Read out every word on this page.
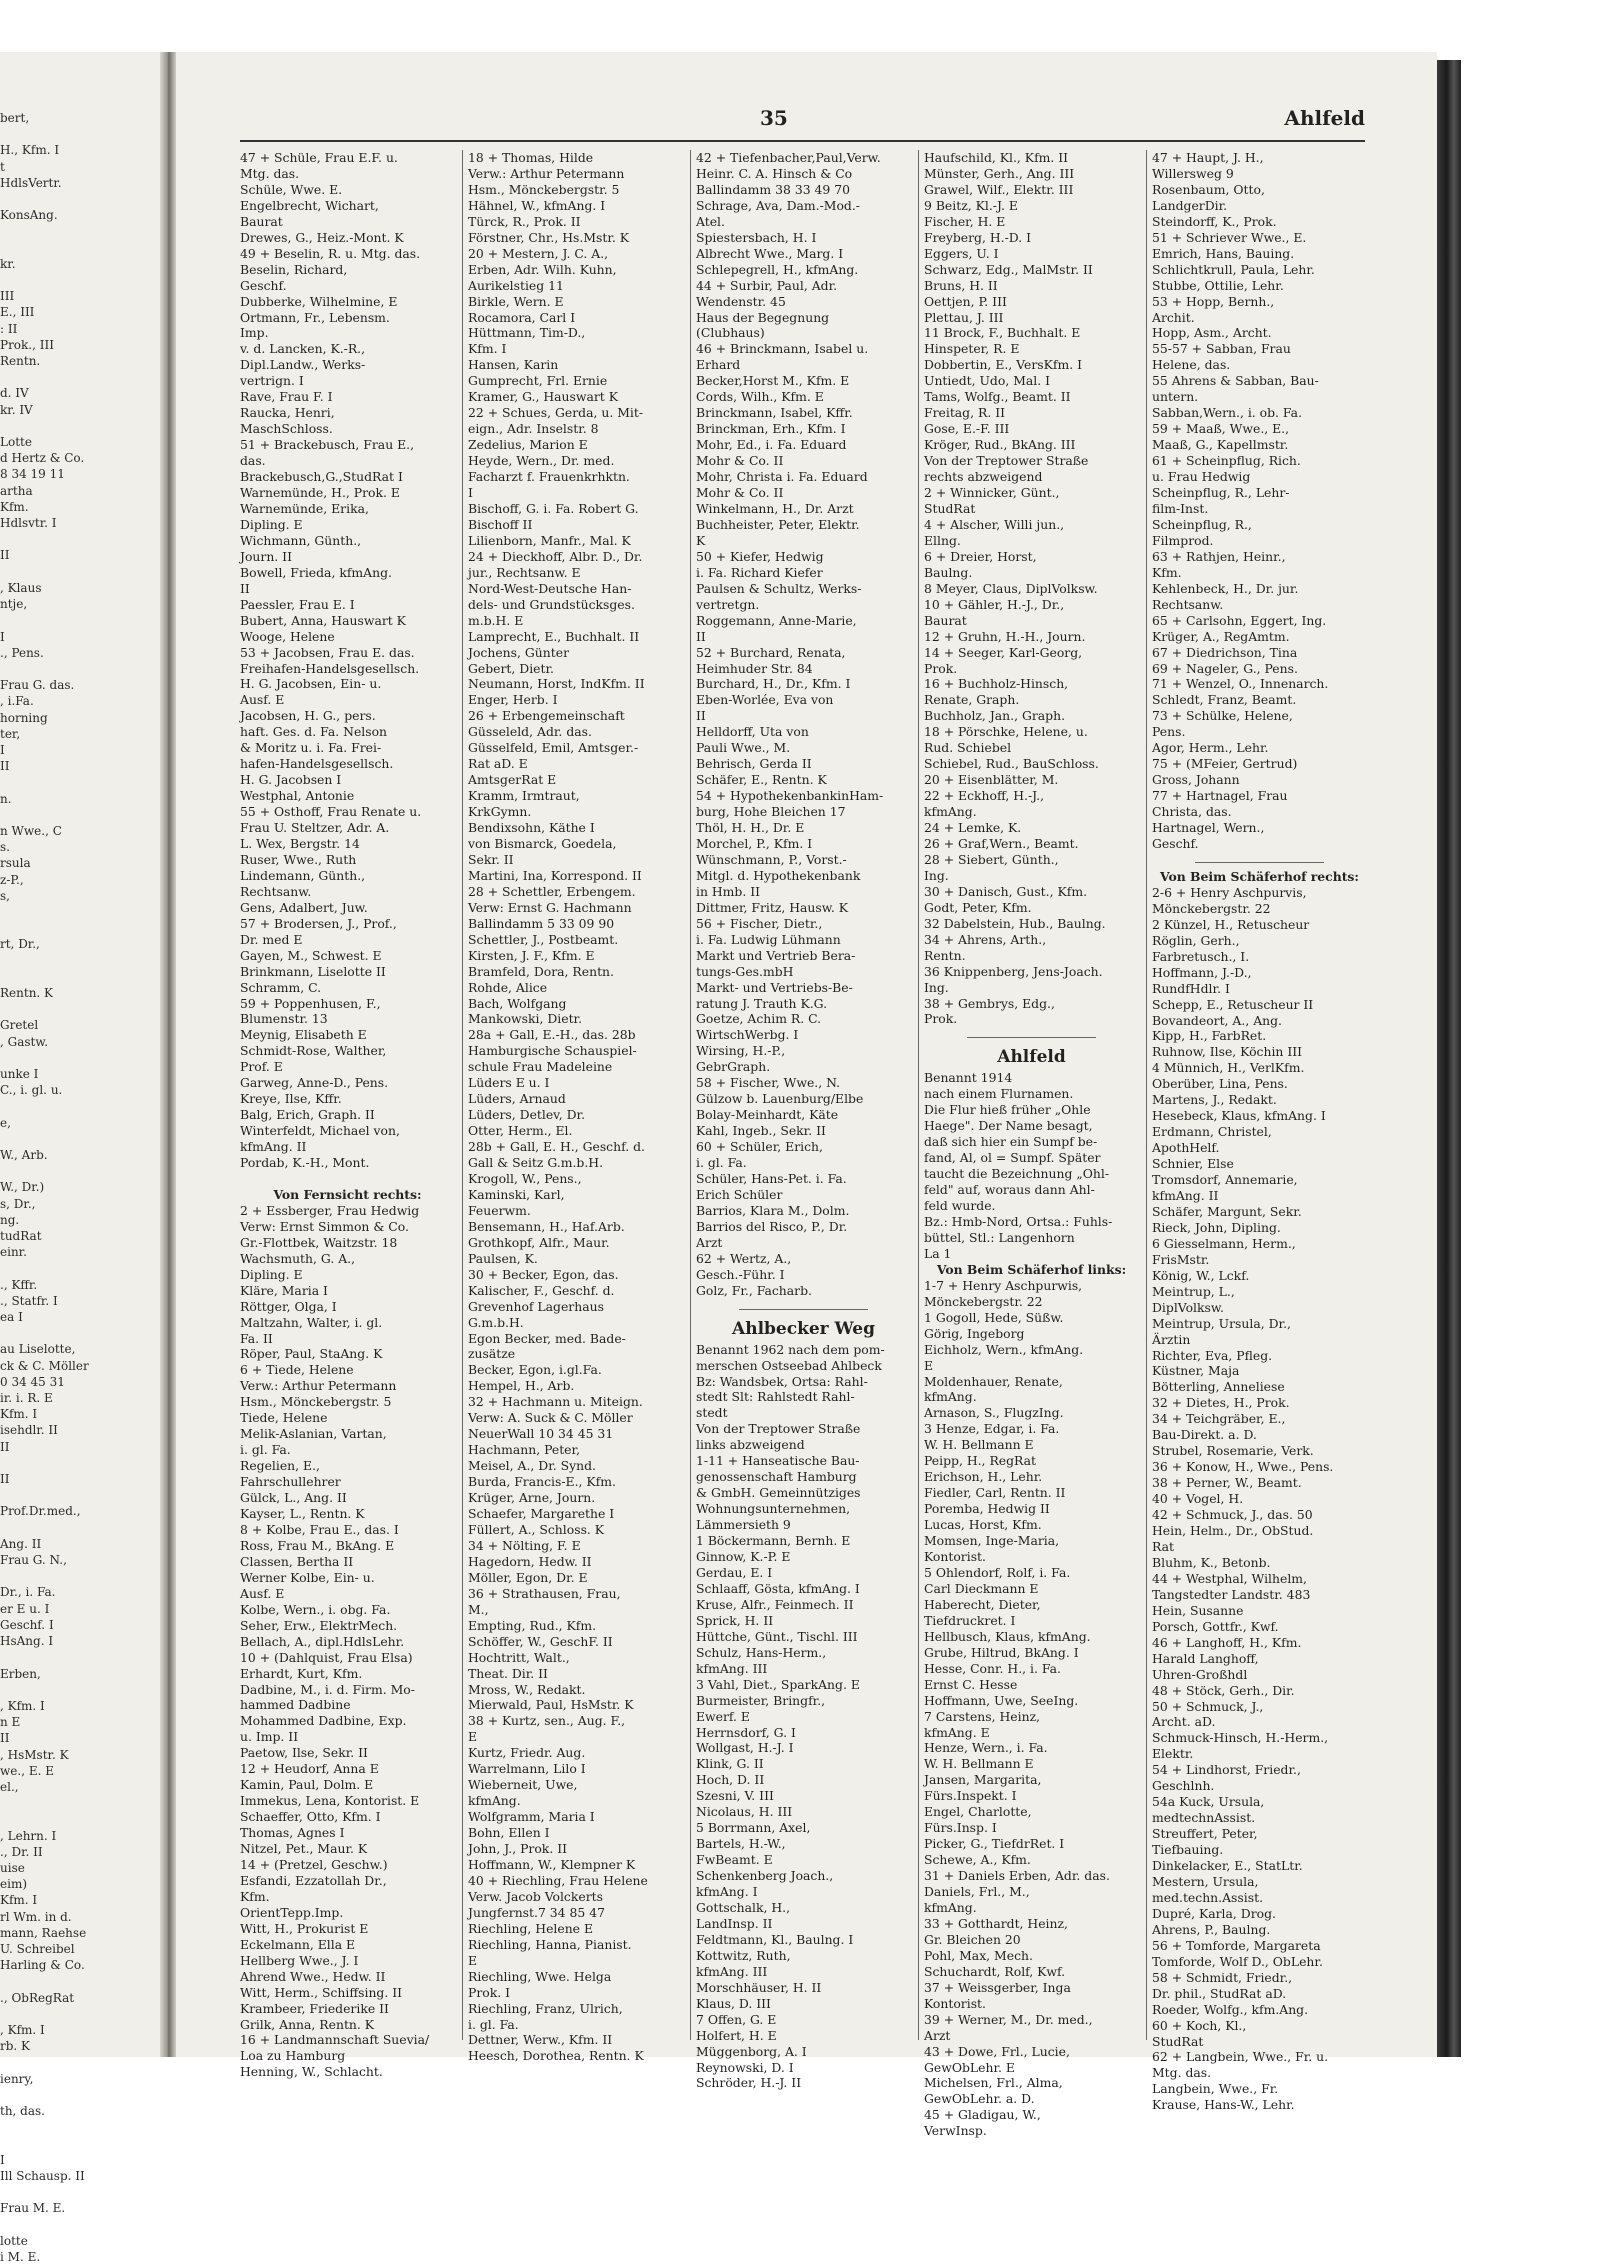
bert,

H., Kfm. I
t
HdlsVertr.

KonsAng.

kr.

III
E., III
: II
Prok., III
Rentn.

d. IV
kr. IV

Lotte
d Hertz & Co.
8 34 19 11
artha
Kfm.
Hdlsvtr. I

II

, Klaus
ntje,

I
., Pens.

Frau G. das.
, i.Fa.
horning
ter,
I
II

n.

n Wwe., C
s.
rsula
z-P.,
s,

rt, Dr.,

Rentn. K

Gretel
, Gastw.

unke I
C., i. gl. u.

e,

W., Arb.

W., Dr.)
s, Dr.,
ng.
tudRat
einr.

., Kffr.
., Statfr. I
ea I

au Liselotte,
ck & C. Möller
0 34 45 31
ir. i. R. E
Kfm. I
isehdlr. II
II

II

Prof.Dr.med.,

Ang. II
Frau G. N.,

Dr., i. Fa.
er E u. I
Geschf. I
HsAng. I

Erben,

, Kfm. I
n E
II
, HsMstr. K
we., E. E
el.,

, Lehrn. I
., Dr. II
uise
eim)
Kfm. I
rl Wm. in d.
mann, Raehse
U. Schreibel
Harling & Co.

., ObRegRat

, Kfm. I
rb. K

ienry,

th, das.

I
Ill Schausp. II

Frau M. E.

lotte
i M. E.
35	Ahlfeld
47 + Schüle, Frau E.F. u.
Mtg. das.
Schüle, Wwe. E.
Engelbrecht, Wichart,
Baurat
Drewes, G., Heiz.-Mont. K
49 + Beselin, R. u. Mtg. das.
Beselin, Richard,
Geschf.
Dubberke, Wilhelmine, E
Ortmann, Fr., Lebensm.
Imp.
v. d. Lancken, K.-R.,
Dipl.Landw., Werks-
vertrign. I
Rave, Frau F. I
Raucka, Henri,
MaschSchloss.
51 + Brackebusch, Frau E.,
das.
Brackebusch,G.,StudRat I
Warnemünde, H., Prok. E
Warnemünde, Erika,
Dipling. E
Wichmann, Günth.,
Journ. II
Bowell, Frieda, kfmAng.
II
Paessler, Frau E. I
Bubert, Anna, Hauswart K
Wooge, Helene
53 + Jacobsen, Frau E. das.
Freihafen-Handelsgesellsch.
H. G. Jacobsen, Ein- u.
Ausf. E
Jacobsen, H. G., pers.
haft. Ges. d. Fa. Nelson
& Moritz u. i. Fa. Frei-
hafen-Handelsgesellsch.
H. G. Jacobsen I
Westphal, Antonie
55 + Osthoff, Frau Renate u.
Frau U. Steltzer, Adr. A.
L. Wex, Bergstr. 14
Ruser, Wwe., Ruth
Lindemann, Günth.,
Rechtsanw.
Gens, Adalbert, Juw.
57 + Brodersen, J., Prof.,
Dr. med E
Gayen, M., Schwest. E
Brinkmann, Liselotte II
Schramm, C.
59 + Poppenhusen, F.,
Blumenstr. 13
Meynig, Elisabeth E
Schmidt-Rose, Walther,
Prof. E
Garweg, Anne-D., Pens.
Kreye, Ilse, Kffr.
Balg, Erich, Graph. II
Winterfeldt, Michael von,
kfmAng. II
Pordab, K.-H., Mont.

Von Fernsicht rechts:
2 + Essberger, Frau Hedwig
Verw: Ernst Simmon & Co.
Gr.-Flottbek, Waitzstr. 18
Wachsmuth, G. A.,
Dipling. E
Kläre, Maria I
Röttger, Olga, I
Maltzahn, Walter, i. gl.
Fa. II
Röper, Paul, StaAng. K
6 + Tiede, Helene
Verw.: Arthur Petermann
Hsm., Mönckebergstr. 5
Tiede, Helene
Melik-Aslanian, Vartan,
i. gl. Fa.
Regelien, E.,
Fahrschullehrer
Gülck, L., Ang. II
Kayser, L., Rentn. K
8 + Kolbe, Frau E., das. I
Ross, Frau M., BkAng. E
Classen, Bertha II
Werner Kolbe, Ein- u.
Ausf. E
Kolbe, Wern., i. obg. Fa.
Seher, Erw., ElektrMech.
Bellach, A., dipl.HdlsLehr.
10 + (Dahlquist, Frau Elsa)
Erhardt, Kurt, Kfm.
Dadbine, M., i. d. Firm. Mo-
hammed Dadbine
Mohammed Dadbine, Exp.
u. Imp. II
Paetow, Ilse, Sekr. II
12 + Heudorf, Anna E
Kamin, Paul, Dolm. E
Immekus, Lena, Kontorist. E
Schaeffer, Otto, Kfm. I
Thomas, Agnes I
Nitzel, Pet., Maur. K
14 + (Pretzel, Geschw.)
Esfandi, Ezzatollah Dr.,
Kfm.
OrientTepp.Imp.
Witt, H., Prokurist E
Eckelmann, Ella E
Hellberg Wwe., J. I
Ahrend Wwe., Hedw. II
Witt, Herm., Schiffsing. II
Krambeer, Friederike II
Grilk, Anna, Rentn. K
16 + Landmannschaft Suevia/
Loa zu Hamburg
Henning, W., Schlacht.
18 + Thomas, Hilde
Verw.: Arthur Petermann
Hsm., Mönckebergstr. 5
Hähnel, W., kfmAng. I
Türck, R., Prok. II
Förstner, Chr., Hs.Mstr. K
20 + Mestern, J. C. A.,
Erben, Adr. Wilh. Kuhn,
Aurikelstieg 11
Birkle, Wern. E
Rocamora, Carl I
Hüttmann, Tim-D.,
Kfm. I
Hansen, Karin
Gumprecht, Frl. Ernie
Kramer, G., Hauswart K
22 + Schues, Gerda, u. Mit-
eign., Adr. Inselstr. 8
Zedelius, Marion E
Heyde, Wern., Dr. med.
Facharzt f. Frauenkrhktn.
I
Bischoff, G. i. Fa. Robert G.
Bischoff II
Lilienborn, Manfr., Mal. K
24 + Dieckhoff, Albr. D., Dr.
jur., Rechtsanw. E
Nord-West-Deutsche Han-
dels- und Grundstücksges.
m.b.H. E
Lamprecht, E., Buchhalt. II
Jochens, Günter
Gebert, Dietr.
Neumann, Horst, IndKfm. II
Enger, Herb. I
26 + Erbengemeinschaft
Güsseleld, Adr. das.
Güsselfeld, Emil, Amtsger.-
Rat aD. E
AmtsgerRat E
Kramm, Irmtraut,
KrkGymn.
Bendixsohn, Käthe I
von Bismarck, Goedela,
Sekr. II
Martini, Ina, Korrespond. II
28 + Schettler, Erbengem.
Verw: Ernst G. Hachmann
Ballindamm 5 33 09 90
Schettler, J., Postbeamt.
Kirsten, J. F., Kfm. E
Bramfeld, Dora, Rentn.
Rohde, Alice
Bach, Wolfgang
Mankowski, Dietr.
28a + Gall, E.-H., das. 28b
Hamburgische Schauspiel-
schule Frau Madeleine
Lüders E u. I
Lüders, Arnaud
Lüders, Detlev, Dr.
Otter, Herm., El.
28b + Gall, E. H., Geschf. d.
Gall & Seitz G.m.b.H.
Krogoll, W., Pens.,
Kaminski, Karl,
Feuerwm.
Bensemann, H., Haf.Arb.
Grothkopf, Alfr., Maur.
Paulsen, K.
30 + Becker, Egon, das.
Kalischer, F., Geschf. d.
Grevenhof Lagerhaus
G.m.b.H.
Egon Becker, med. Bade-
zusätze
Becker, Egon, i.gl.Fa.
Hempel, H., Arb.
32 + Hachmann u. Miteign.
Verw: A. Suck & C. Möller
NeuerWall 10 34 45 31
Hachmann, Peter,
Meisel, A., Dr. Synd.
Burda, Francis-E., Kfm.
Krüger, Arne, Journ.
Schaefer, Margarethe I
Füllert, A., Schloss. K
34 + Nölting, F. E
Hagedorn, Hedw. II
Möller, Egon, Dr. E
36 + Strathausen, Frau,
M.,
Empting, Rud., Kfm.
Schöffer, W., GeschF. II
Hochtritt, Walt.,
Theat. Dir. II
Mross, W., Redakt.
Mierwald, Paul, HsMstr. K
38 + Kurtz, sen., Aug. F.,
E
Kurtz, Friedr. Aug.
Warrelmann, Lilo I
Wieberneit, Uwe,
kfmAng.
Wolfgramm, Maria I
Bohn, Ellen I
John, J., Prok. II
Hoffmann, W., Klempner K
40 + Riechling, Frau Helene
Verw. Jacob Volckerts
Jungfernst.7 34 85 47
Riechling, Helene E
Riechling, Hanna, Pianist.
E
Riechling, Wwe. Helga
Prok. I
Riechling, Franz, Ulrich,
i. gl. Fa.
Dettner, Werw., Kfm. II
Heesch, Dorothea, Rentn. K
42 + Tiefenbacher,Paul,Verw.
Heinr. C. A. Hinsch & Co
Ballindamm 38 33 49 70
Schrage, Ava, Dam.-Mod.-
Atel.
Spiestersbach, H. I
Albrecht Wwe., Marg. I
Schlepegrell, H., kfmAng.
44 + Surbir, Paul, Adr.
Wendenstr. 45
Haus der Begegnung
(Clubhaus)
46 + Brinckmann, Isabel u.
Erhard
Becker,Horst M., Kfm. E
Cords, Wilh., Kfm. E
Brinckmann, Isabel, Kffr.
Brinckman, Erh., Kfm. I
Mohr, Ed., i. Fa. Eduard
Mohr & Co. II
Mohr, Christa i. Fa. Eduard
Mohr & Co. II
Winkelmann, H., Dr. Arzt
Buchheister, Peter, Elektr.
K
50 + Kiefer, Hedwig
i. Fa. Richard Kiefer
Paulsen & Schultz, Werks-
vertretgn.
Roggemann, Anne-Marie,
II
52 + Burchard, Renata,
Heimhuder Str. 84
Burchard, H., Dr., Kfm. I
Eben-Worlée, Eva von
II
Helldorff, Uta von
Pauli Wwe., M.
Behrisch, Gerda II
Schäfer, E., Rentn. K
54 + HypothekenbankinHam-
burg, Hohe Bleichen 17
Thöl, H. H., Dr. E
Morchel, P., Kfm. I
Wünschmann, P., Vorst.-
Mitgl. d. Hypothekenbank
in Hmb. II
Dittmer, Fritz, Hausw. K
56 + Fischer, Dietr.,
i. Fa. Ludwig Lühmann
Markt und Vertrieb Bera-
tungs-Ges.mbH
Markt- und Vertriebs-Be-
ratung J. Trauth K.G.
Goetze, Achim R. C.
WirtschWerbg. I
Wirsing, H.-P.,
GebrGraph.
58 + Fischer, Wwe., N.
Gülzow b. Lauenburg/Elbe
Bolay-Meinhardt, Käte
Kahl, Ingeb., Sekr. II
60 + Schüler, Erich,
i. gl. Fa.
Schüler, Hans-Pet. i. Fa.
Erich Schüler
Barrios, Klara M., Dolm.
Barrios del Risco, P., Dr.
Arzt
62 + Wertz, A.,
Gesch.-Führ. I
Golz, Fr., Facharb.
Ahlbecker Weg
Benannt 1962 nach dem pom-
merschen Ostseebad Ahlbeck
Bz: Wandsbek, Ortsa: Rahl-
stedt Slt: Rahlstedt Rahl-
stedt
Von der Treptower Straße
links abzweigend
1-11 + Hanseatische Bau-
genossenschaft Hamburg
& GmbH. Gemeinnütziges
Wohnungsunternehmen,
Lämmersieth 9
1 Böckermann, Bernh. E
Ginnow, K.-P. E
Gerdau, E. I
Schlaaff, Gösta, kfmAng. I
Kruse, Alfr., Feinmech. II
Sprick, H. II
Hüttche, Günt., Tischl. III
Schulz, Hans-Herm.,
kfmAng. III
3 Vahl, Diet., SparkAng. E
Burmeister, Bringfr.,
Ewerf. E
Herrnsdorf, G. I
Wollgast, H.-J. I
Klink, G. II
Hoch, D. II
Szesni, V. III
Nicolaus, H. III
5 Borrmann, Axel,
Bartels, H.-W.,
FwBeamt. E
Schenkenberg Joach.,
kfmAng. I
Gottschalk, H.,
LandInsp. II
Feldtmann, Kl., Baulng. I
Kottwitz, Ruth,
kfmAng. III
Morschhäuser, H. II
Klaus, D. III
7 Offen, G. E
Holfert, H. E
Müggenborg, A. I
Reynowski, D. I
Schröder, H.-J. II
Haufschild, Kl., Kfm. II
Münster, Gerh., Ang. III
Grawel, Wilf., Elektr. III
9 Beitz, Kl.-J. E
Fischer, H. E
Freyberg, H.-D. I
Eggers, U. I
Schwarz, Edg., MalMstr. II
Bruns, H. II
Oettjen, P. III
Plettau, J. III
11 Brock, F., Buchhalt. E
Hinspeter, R. E
Dobbertin, E., VersKfm. I
Untiedt, Udo, Mal. I
Tams, Wolfg., Beamt. II
Freitag, R. II
Gose, E.-F. III
Kröger, Rud., BkAng. III
Von der Treptower Straße
rechts abzweigend
2 + Winnicker, Günt.,
StudRat
4 + Alscher, Willi jun.,
Ellng.
6 + Dreier, Horst,
Baulng.
8 Meyer, Claus, DiplVolksw.
10 + Gähler, H.-J., Dr.,
Baurat
12 + Gruhn, H.-H., Journ.
14 + Seeger, Karl-Georg,
Prok.
16 + Buchholz-Hinsch,
Renate, Graph.
Buchholz, Jan., Graph.
18 + Pörschke, Helene, u.
Rud. Schiebel
Schiebel, Rud., BauSchloss.
20 + Eisenblätter, M.
22 + Eckhoff, H.-J.,
kfmAng.
24 + Lemke, K.
26 + Graf,Wern., Beamt.
28 + Siebert, Günth.,
Ing.
30 + Danisch, Gust., Kfm.
Godt, Peter, Kfm.
32 Dabelstein, Hub., Baulng.
34 + Ahrens, Arth.,
Rentn.
36 Knippenberg, Jens-Joach.
Ing.
38 + Gembrys, Edg.,
Prok.
Ahlfeld
Benannt 1914
nach einem Flurnamen.
Die Flur hieß früher „Ohle
Haege". Der Name besagt,
daß sich hier ein Sumpf be-
fand, Al, ol = Sumpf. Später
taucht die Bezeichnung „Ohl-
feld" auf, woraus dann Ahl-
feld wurde.
Bz.: Hmb-Nord, Ortsa.: Fuhls-
büttel, Stl.: Langenhorn
La 1
Von Beim Schäferhof links:
1-7 + Henry Aschpurwis,
Mönckebergstr. 22
1 Gogoll, Hede, Süßw.
Görig, Ingeborg
Eichholz, Wern., kfmAng.
E
Moldenhauer, Renate,
kfmAng.
Arnason, S., FlugzIng.
3 Henze, Edgar, i. Fa.
W. H. Bellmann E
Peipp, H., RegRat
Erichson, H., Lehr.
Fiedler, Carl, Rentn. II
Poremba, Hedwig II
Lucas, Horst, Kfm.
Momsen, Inge-Maria,
Kontorist.
5 Ohlendorf, Rolf, i. Fa.
Carl Dieckmann E
Haberecht, Dieter,
Tiefdruckret. I
Hellbusch, Klaus, kfmAng.
Grube, Hiltrud, BkAng. I
Hesse, Conr. H., i. Fa.
Ernst C. Hesse
Hoffmann, Uwe, SeeIng.
7 Carstens, Heinz,
kfmAng. E
Henze, Wern., i. Fa.
W. H. Bellmann E
Jansen, Margarita,
Fürs.Inspekt. I
Engel, Charlotte,
Fürs.Insp. I
Picker, G., TiefdrRet. I
Schewe, A., Kfm.
31 + Daniels Erben, Adr. das.
Daniels, Frl., M.,
kfmAng.
33 + Gotthardt, Heinz,
Gr. Bleichen 20
Pohl, Max, Mech.
Schuchardt, Rolf, Kwf.
37 + Weissgerber, Inga
Kontorist.
39 + Werner, M., Dr. med.,
Arzt
43 + Dowe, Frl., Lucie,
GewObLehr. E
Michelsen, Frl., Alma,
GewObLehr. a. D.
45 + Gladigau, W.,
VerwInsp.
47 + Haupt, J. H.,
Willersweg 9
Rosenbaum, Otto,
LandgerDir.
Steindorff, K., Prok.
51 + Schriever Wwe., E.
Emrich, Hans, Bauing.
Schlichtkrull, Paula, Lehr.
Stubbe, Ottilie, Lehr.
53 + Hopp, Bernh.,
Archit.
Hopp, Asm., Archt.
55-57 + Sabban, Frau
Helene, das.
55 Ahrens & Sabban, Bau-
untern.
Sabban,Wern., i. ob. Fa.
59 + Maaß, Wwe., E.,
Maaß, G., Kapellmstr.
61 + Scheinpflug, Rich.
u. Frau Hedwig
Scheinpflug, R., Lehr-
film-Inst.
Scheinpflug, R.,
Filmprod.
63 + Rathjen, Heinr.,
Kfm.
Kehlenbeck, H., Dr. jur.
Rechtsanw.
65 + Carlsohn, Eggert, Ing.
Krüger, A., RegAmtm.
67 + Diedrichson, Tina
69 + Nageler, G., Pens.
71 + Wenzel, O., Innenarch.
Schledt, Franz, Beamt.
73 + Schülke, Helene,
Pens.
Agor, Herm., Lehr.
75 + (MFeier, Gertrud)
Gross, Johann
77 + Hartnagel, Frau
Christa, das.
Hartnagel, Wern.,
Geschf.
Von Beim Schäferhof rechts:
2-6 + Henry Aschpurvis,
Mönckebergstr. 22
2 Künzel, H., Retuscheur
Röglin, Gerh.,
Farbretusch., I.
Hoffmann, J.-D.,
RundfHdlr. I
Schepp, E., Retuscheur II
Bovandeort, A., Ang.
Kipp, H., FarbRet.
Ruhnow, Ilse, Köchin III
4 Münnich, H., VerlKfm.
Oberüber, Lina, Pens.
Martens, J., Redakt.
Hesebeck, Klaus, kfmAng. I
Erdmann, Christel,
ApothHelf.
Schnier, Else
Tromsdorf, Annemarie,
kfmAng. II
Schäfer, Margunt, Sekr.
Rieck, John, Dipling.
6 Giesselmann, Herm.,
FrisMstr.
König, W., Lckf.
Meintrup, L.,
DiplVolksw.
Meintrup, Ursula, Dr.,
Ärztin
Richter, Eva, Pfleg.
Küstner, Maja
Bötterling, Anneliese
32 + Dietes, H., Prok.
34 + Teichgräber, E.,
Bau-Direkt. a. D.
Strubel, Rosemarie, Verk.
36 + Konow, H., Wwe., Pens.
38 + Perner, W., Beamt.
40 + Vogel, H.
42 + Schmuck, J., das. 50
Hein, Helm., Dr., ObStud.
Rat
Bluhm, K., Betonb.
44 + Westphal, Wilhelm,
Tangstedter Landstr. 483
Hein, Susanne
Porsch, Gottfr., Kwf.
46 + Langhoff, H., Kfm.
Harald Langhoff,
Uhren-Großhdl
48 + Stöck, Gerh., Dir.
50 + Schmuck, J.,
Archt. aD.
Schmuck-Hinsch, H.-Herm.,
Elektr.
54 + Lindhorst, Friedr.,
Geschlnh.
54a Kuck, Ursula,
medtechnAssist.
Streuffert, Peter,
Tiefbauing.
Dinkelacker, E., StatLtr.
Mestern, Ursula,
med.techn.Assist.
Dupré, Karla, Drog.
Ahrens, P., Baulng.
56 + Tomforde, Margareta
Tomforde, Wolf D., ObLehr.
58 + Schmidt, Friedr.,
Dr. phil., StudRat aD.
Roeder, Wolfg., kfm.Ang.
60 + Koch, Kl.,
StudRat
62 + Langbein, Wwe., Fr. u.
Mtg. das.
Langbein, Wwe., Fr.
Krause, Hans-W., Lehr.
